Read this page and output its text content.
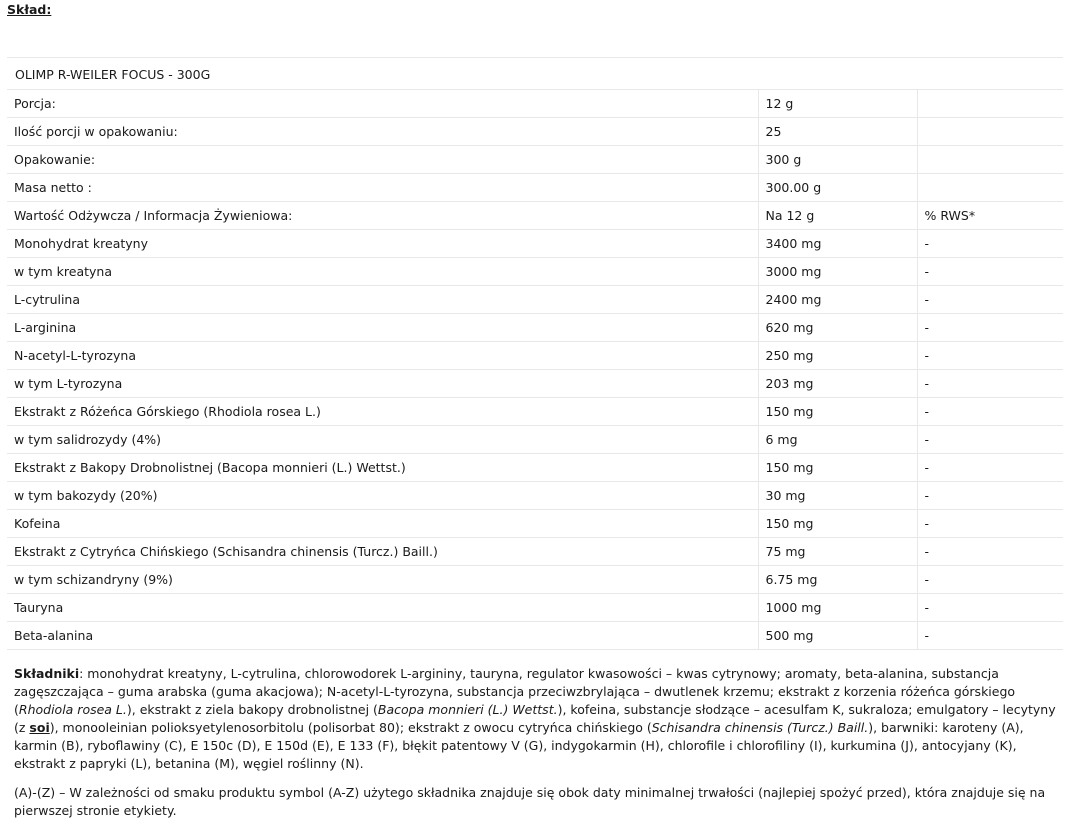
Skład:
OLIMP R-WEILER FOCUS - 300G
Porcja:	12 g	
Ilość porcji w opakowaniu:	25	
Opakowanie:	300 g	
Masa netto :	300.00 g	
Wartość Odżywcza / Informacja Żywieniowa:	Na 12 g	% RWS*
Monohydrat kreatyny	3400 mg	-
w tym kreatyna	3000 mg	-
L-cytrulina	2400 mg	-
L-arginina	620 mg	-
N-acetyl-L-tyrozyna	250 mg	-
w tym L-tyrozyna	203 mg	-
Ekstrakt z Różeńca Górskiego (Rhodiola rosea L.)	150 mg	-
w tym salidrozydy (4%)	6 mg	-
Ekstrakt z Bakopy Drobnolistnej (Bacopa monnieri (L.) Wettst.)	150 mg	-
w tym bakozydy (20%)	30 mg	-
Kofeina	150 mg	-
Ekstrakt z Cytryńca Chińskiego (Schisandra chinensis (Turcz.) Baill.)	75 mg	-
w tym schizandryny (9%)	6.75 mg	-
Tauryna	1000 mg	-
Beta-alanina	500 mg	-

Składniki: monohydrat kreatyny, L-cytrulina, chlorowodorek L-argininy, tauryna, regulator kwasowości – kwas cytrynowy; aromaty, beta-alanina, substancja zagęszczająca – guma arabska (guma akacjowa); N-acetyl-L-tyrozyna, substancja przeciwzbrylająca – dwutlenek krzemu; ekstrakt z korzenia różeńca górskiego (Rhodiola rosea L.), ekstrakt z ziela bakopy drobnolistnej (Bacopa monnieri (L.) Wettst.), kofeina, substancje słodzące – acesulfam K, sukraloza; emulgatory – lecytyny (z soi), monooleinian polioksyetylenosorbitolu (polisorbat 80); ekstrakt z owocu cytryńca chińskiego (Schisandra chinensis (Turcz.) Baill.), barwniki: karoteny (A), karmin (B), ryboflawiny (C), E 150c (D), E 150d (E), E 133 (F), błękit patentowy V (G), indygokarmin (H), chlorofile i chlorofiliny (I), kurkumina (J), antocyjany (K), ekstrakt z papryki (L), betanina (M), węgiel roślinny (N).

(A)-(Z) – W zależności od smaku produktu symbol (A-Z) użytego składnika znajduje się obok daty minimalnej trwałości (najlepiej spożyć przed), która znajduje się na pierwszej stronie etykiety.
